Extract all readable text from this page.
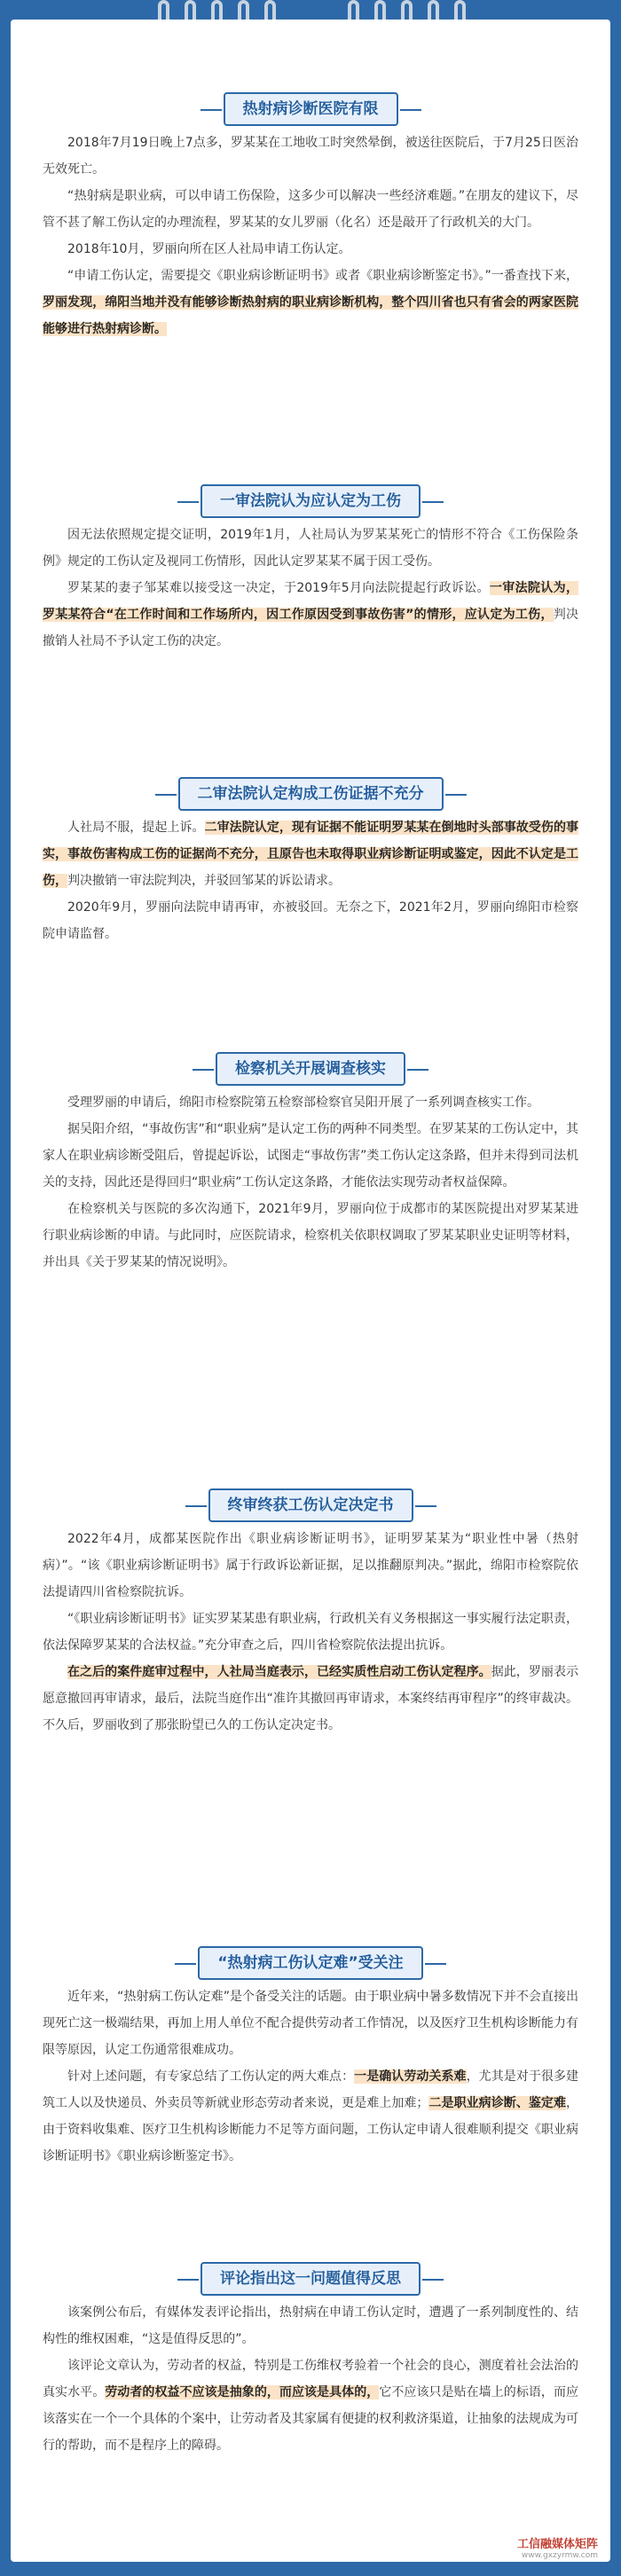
热射病诊断医院有限

2018年7月19日晚上7点多，罗某某在工地收工时突然晕倒，被送往医院后，于7月25日医治无效死亡。

“热射病是职业病，可以申请工伤保险，这多少可以解决一些经济难题。”在朋友的建议下，尽管不甚了解工伤认定的办理流程，罗某某的女儿罗丽（化名）还是敲开了行政机关的大门。

2018年10月，罗丽向所在区人社局申请工伤认定。

“申请工伤认定，需要提交《职业病诊断证明书》或者《职业病诊断鉴定书》。”一番查找下来，罗丽发现，绵阳当地并没有能够诊断热射病的职业病诊断机构，整个四川省也只有省会的两家医院能够进行热射病诊断。

一审法院认为应认定为工伤

因无法依照规定提交证明，2019年1月，人社局认为罗某某死亡的情形不符合《工伤保险条例》规定的工伤认定及视同工伤情形，因此认定罗某某不属于因工受伤。

罗某某的妻子邹某难以接受这一决定，于2019年5月向法院提起行政诉讼。一审法院认为，罗某某符合“在工作时间和工作场所内，因工作原因受到事故伤害”的情形，应认定为工伤，判决撤销人社局不予认定工伤的决定。

二审法院认定构成工伤证据不充分

人社局不服，提起上诉。二审法院认定，现有证据不能证明罗某某在倒地时头部事故受伤的事实，事故伤害构成工伤的证据尚不充分，且原告也未取得职业病诊断证明或鉴定，因此不认定是工伤，判决撤销一审法院判决，并驳回邹某的诉讼请求。

2020年9月，罗丽向法院申请再审，亦被驳回。无奈之下，2021年2月，罗丽向绵阳市检察院申请监督。

检察机关开展调查核实

受理罗丽的申请后，绵阳市检察院第五检察部检察官吴阳开展了一系列调查核实工作。

据吴阳介绍，“事故伤害”和“职业病”是认定工伤的两种不同类型。在罗某某的工伤认定中，其家人在职业病诊断受阻后，曾提起诉讼，试图走“事故伤害”类工伤认定这条路，但并未得到司法机关的支持，因此还是得回归“职业病”工伤认定这条路，才能依法实现劳动者权益保障。

在检察机关与医院的多次沟通下，2021年9月，罗丽向位于成都市的某医院提出对罗某某进行职业病诊断的申请。与此同时，应医院请求，检察机关依职权调取了罗某某职业史证明等材料，并出具《关于罗某某的情况说明》。

终审终获工伤认定决定书

2022年4月，成都某医院作出《职业病诊断证明书》，证明罗某某为“职业性中暑（热射病）”。“该《职业病诊断证明书》属于行政诉讼新证据，足以推翻原判决。”据此，绵阳市检察院依法提请四川省检察院抗诉。

“《职业病诊断证明书》证实罗某某患有职业病，行政机关有义务根据这一事实履行法定职责，依法保障罗某某的合法权益。”充分审查之后，四川省检察院依法提出抗诉。

在之后的案件庭审过程中，人社局当庭表示，已经实质性启动工伤认定程序。据此，罗丽表示愿意撤回再审请求，最后，法院当庭作出“准许其撤回再审请求，本案终结再审程序”的终审裁决。不久后，罗丽收到了那张盼望已久的工伤认定决定书。

“热射病工伤认定难”受关注

近年来，“热射病工伤认定难”是个备受关注的话题。由于职业病中暑多数情况下并不会直接出现死亡这一极端结果，再加上用人单位不配合提供劳动者工作情况，以及医疗卫生机构诊断能力有限等原因，认定工伤通常很难成功。

针对上述问题，有专家总结了工伤认定的两大难点：一是确认劳动关系难，尤其是对于很多建筑工人以及快递员、外卖员等新就业形态劳动者来说，更是难上加难；二是职业病诊断、鉴定难，由于资料收集难、医疗卫生机构诊断能力不足等方面问题，工伤认定申请人很难顺利提交《职业病诊断证明书》《职业病诊断鉴定书》。

评论指出这一问题值得反思

该案例公布后，有媒体发表评论指出，热射病在申请工伤认定时，遭遇了一系列制度性的、结构性的维权困难，“这是值得反思的”。

该评论文章认为，劳动者的权益，特别是工伤维权考验着一个社会的良心，测度着社会法治的真实水平。劳动者的权益不应该是抽象的，而应该是具体的，它不应该只是贴在墙上的标语，而应该落实在一个一个具体的个案中，让劳动者及其家属有便捷的权利救济渠道，让抽象的法规成为可行的帮助，而不是程序上的障碍。

工信融媒体矩阵
www.gxzyrmw.com
